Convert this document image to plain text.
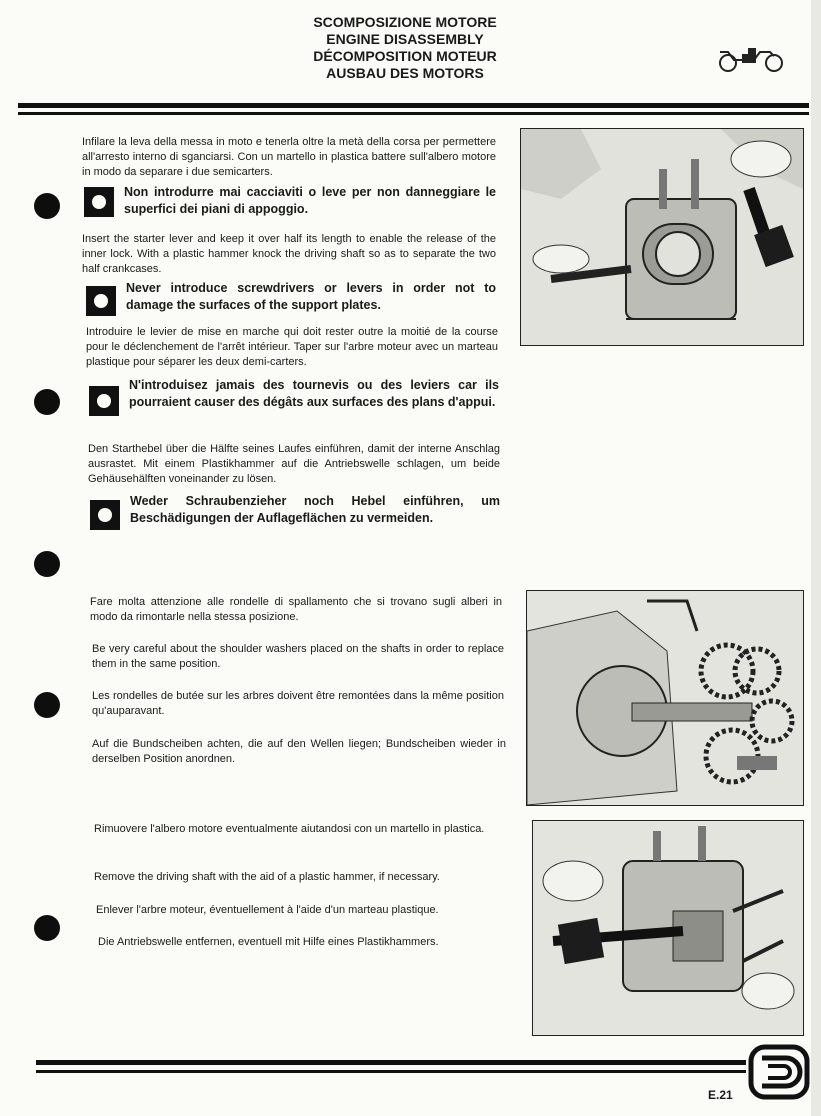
SCOMPOSIZIONE MOTORE
ENGINE DISASSEMBLY
DÉCOMPOSITION MOTEUR
AUSBAU DES MOTORS
Infilare la leva della messa in moto e tenerla oltre la metà della corsa per permettere all'arresto interno di sganciarsi. Con un martello in plastica battere sull'albero motore in modo da separare i due semicarters.
Non introdurre mai cacciaviti o leve per non danneggiare le superfici dei piani di appoggio.
Insert the starter lever and keep it over half its length to enable the release of the inner lock. With a plastic hammer knock the driving shaft so as to separate the two half crankcases.
Never introduce screwdrivers or levers in order not to damage the surfaces of the support plates.
Introduire le levier de mise en marche qui doit rester outre la moitié de la course pour le déclenchement de l'arrêt intérieur. Taper sur l'arbre moteur avec un marteau plastique pour séparer les deux demi-carters.
N'introduisez jamais des tournevis ou des leviers car ils pourraient causer des dégâts aux surfaces des plans d'appui.
Den Starthebel über die Hälfte seines Laufes einführen, damit der interne Anschlag ausrastet. Mit einem Plastikhammer auf die Antriebswelle schlagen, um beide Gehäusehälften voneinander zu lösen.
Weder Schraubenzieher noch Hebel einführen, um Beschädigungen der Auflageflächen zu vermeiden.
Fare molta attenzione alle rondelle di spallamento che si trovano sugli alberi in modo da rimontarle nella stessa posizione.
Be very careful about the shoulder washers placed on the shafts in order to replace them in the same position.
Les rondelles de butée sur les arbres doivent être remontées dans la même position qu'auparavant.
Auf die Bundscheiben achten, die auf den Wellen liegen; Bundscheiben wieder in derselben Position anordnen.
Rimuovere l'albero motore eventualmente aiutandosi con un martello in plastica.
Remove the driving shaft with the aid of a plastic hammer, if necessary.
Enlever l'arbre moteur, éventuellement à l'aide d'un marteau plastique.
Die Antriebswelle entfernen, eventuell mit Hilfe eines Plastikhammers.
E.21
